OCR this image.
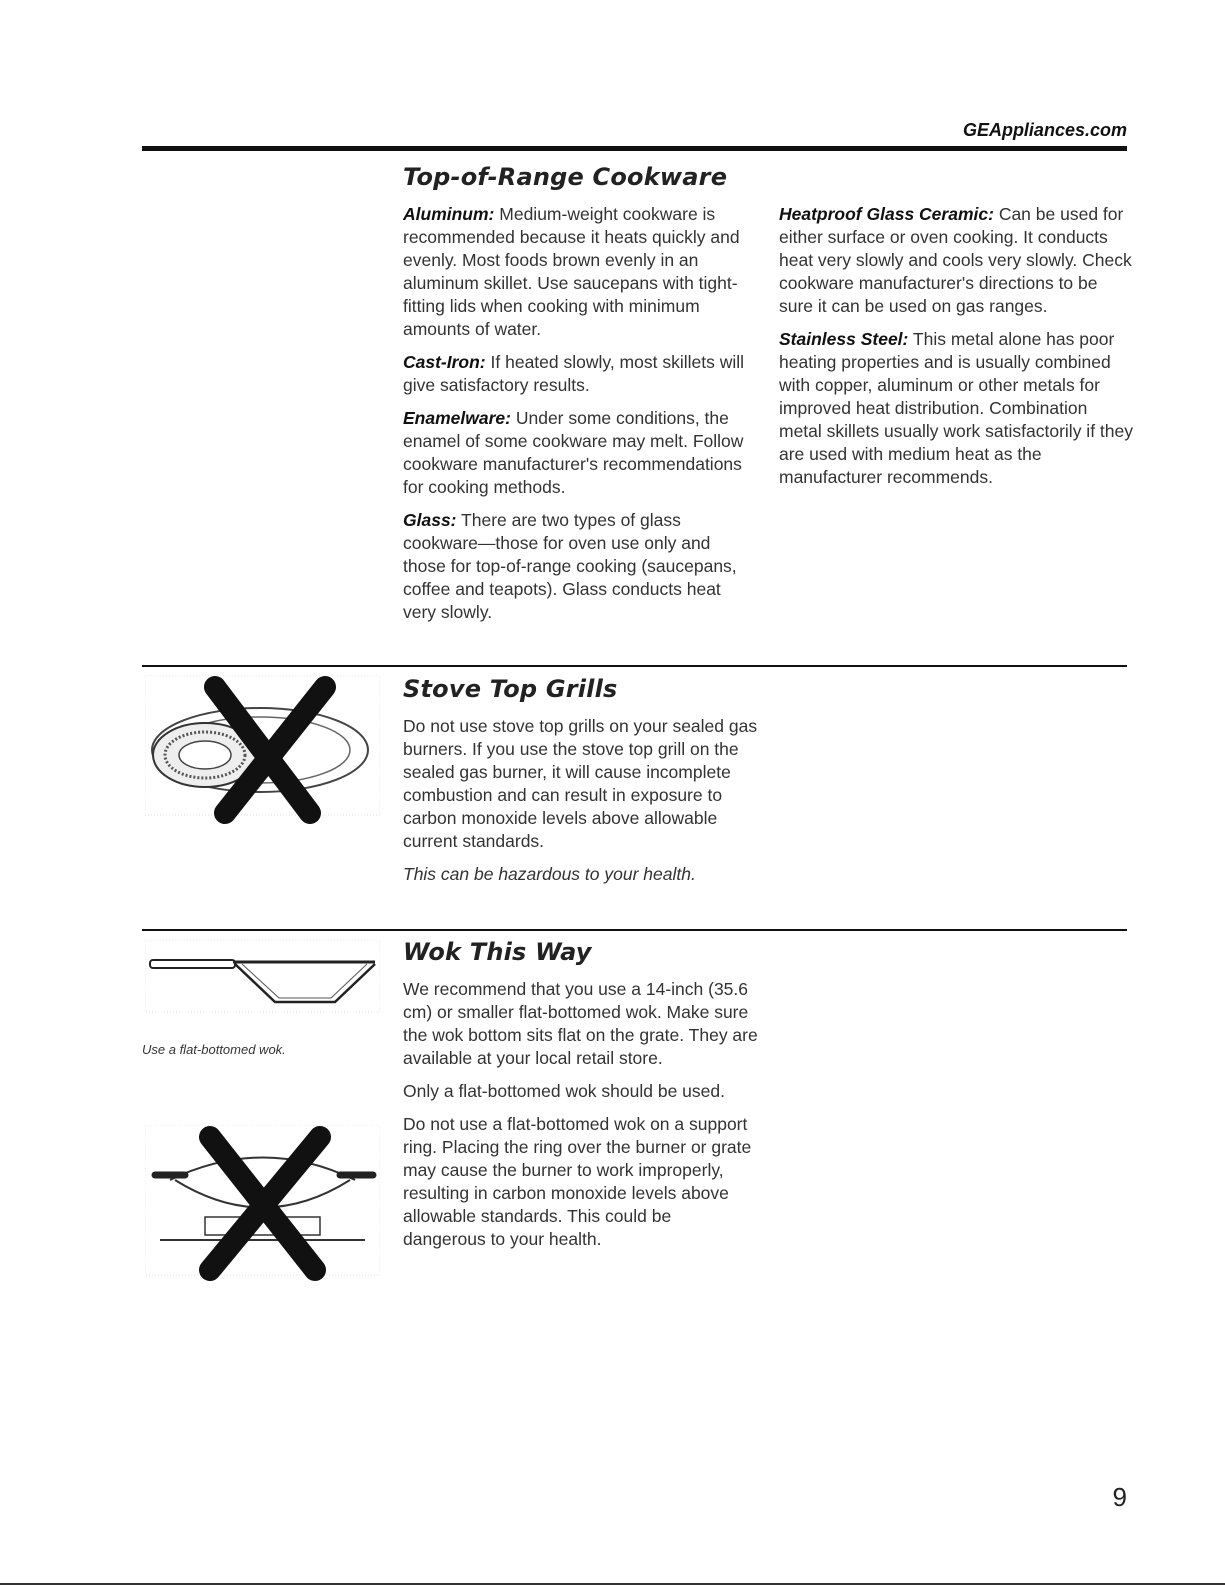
GEAppliances.com
Top-of-Range Cookware

Aluminum: Medium-weight cookware is recommended because it heats quickly and evenly. Most foods brown evenly in an aluminum skillet. Use saucepans with tight-fitting lids when cooking with minimum amounts of water.

Cast-Iron: If heated slowly, most skillets will give satisfactory results.

Enamelware: Under some conditions, the enamel of some cookware may melt. Follow cookware manufacturer's recommendations for cooking methods.

Glass: There are two types of glass cookware—those for oven use only and those for top-of-range cooking (saucepans, coffee and teapots). Glass conducts heat very slowly.

Heatproof Glass Ceramic: Can be used for either surface or oven cooking. It conducts heat very slowly and cools very slowly. Check cookware manufacturer's directions to be sure it can be used on gas ranges.

Stainless Steel: This metal alone has poor heating properties and is usually combined with copper, aluminum or other metals for improved heat distribution. Combination metal skillets usually work satisfactorily if they are used with medium heat as the manufacturer recommends.

Stove Top Grills

Do not use stove top grills on your sealed gas burners. If you use the stove top grill on the sealed gas burner, it will cause incomplete combustion and can result in exposure to carbon monoxide levels above allowable current standards.

This can be hazardous to your health.

Use a flat-bottomed wok.
Wok This Way

We recommend that you use a 14-inch (35.6 cm) or smaller flat-bottomed wok. Make sure the wok bottom sits flat on the grate. They are available at your local retail store.

Only a flat-bottomed wok should be used.

Do not use a flat-bottomed wok on a support ring. Placing the ring over the burner or grate may cause the burner to work improperly, resulting in carbon monoxide levels above allowable standards. This could be dangerous to your health.

9
